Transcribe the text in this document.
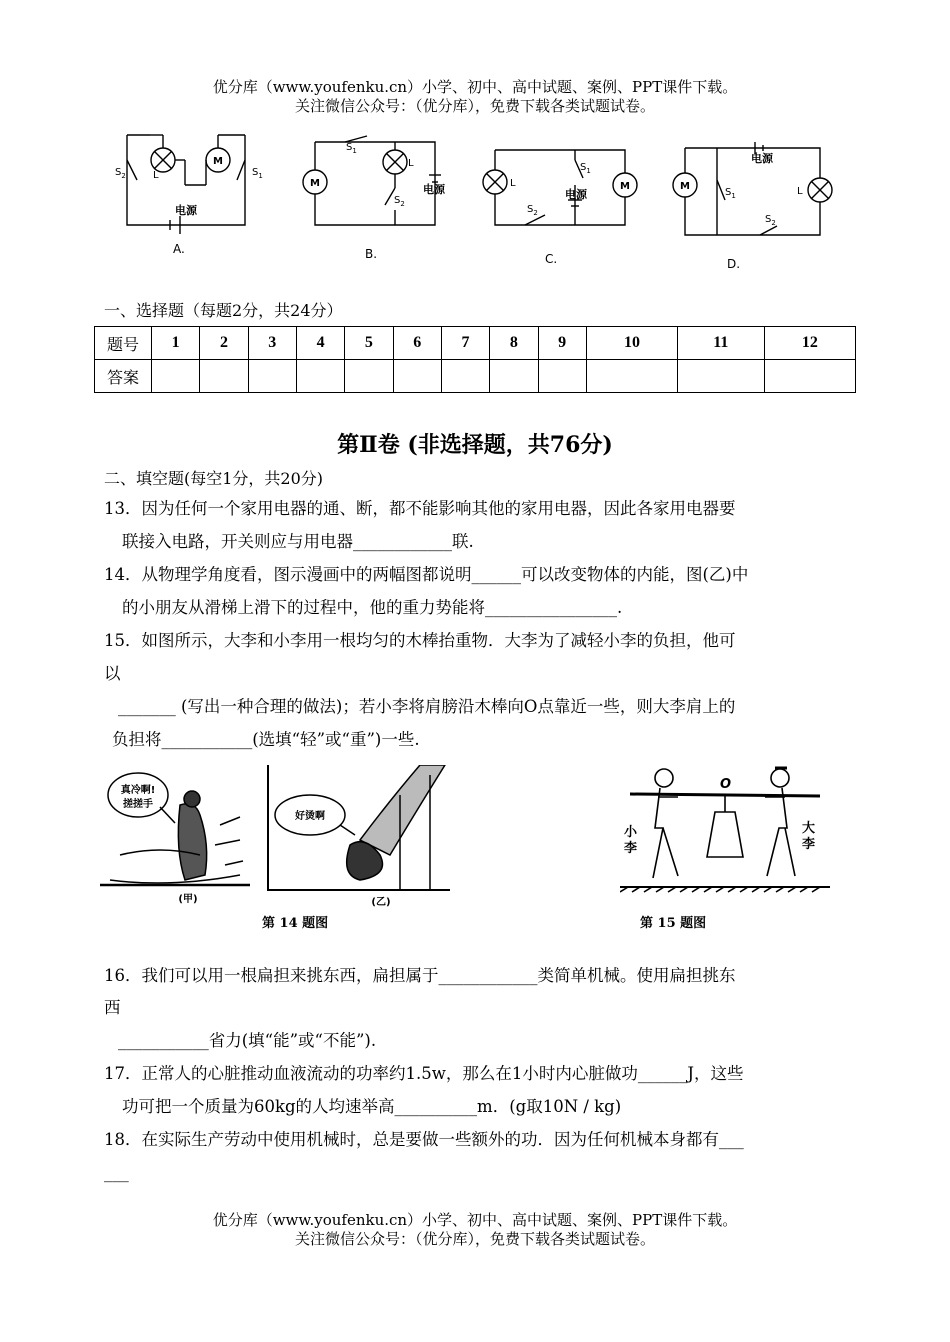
优分库（www.youfenku.cn）小学、初中、高中试题、案例、PPT课件下载。
关注微信公众号：（优分库），免费下载各类试题试卷。
L
$S_2$	$S_1$
电源
A.
$S_1$
L
$S_2$
电源
B.
L
$S_1$
电源
$S_2$
C.
$S_1$
电源
L
$S_2$
D.
M
M	M	M
一、选择题（每题2分，共24分）
题号	1	2	3	4	5	6	7	8	9	10	11	12
答案												
第Ⅱ卷 (非选择题，共76分)
二、填空题(每空1分，共20分)
13．因为任何一个家用电器的通、断，都不能影响其他的家用电器，因此各家用电器要
联接入电路，开关则应与用电器____________联.
14．从物理学角度看，图示漫画中的两幅图都说明______可以改变物体的内能，图(乙)中
的小朋友从滑梯上滑下的过程中，他的重力势能将________________.
15．如图所示，大李和小李用一根均匀的木棒抬重物．大李为了减轻小李的负担，他可
以
_______ (写出一种合理的做法)；若小李将肩膀沿木棒向O点靠近一些，则大李肩上的
负担将___________(选填“轻”或“重”)一些.
真冷啊!
搓搓手
好烫啊
(甲)	(乙)
第 14 题图
O
小
李
大
李
第 15 题图
16．我们可以用一根扁担来挑东西，扁担属于____________类简单机械。使用扁担挑东
西
___________省力(填“能”或“不能”).
17．正常人的心脏推动血液流动的功率约1.5w，那么在1小时内心脏做功______J，这些
功可把一个质量为60kg的人均速举高__________m．(g取10N / kg)
18．在实际生产劳动中使用机械时，总是要做一些额外的功．因为任何机械本身都有___
___
优分库（www.youfenku.cn）小学、初中、高中试题、案例、PPT课件下载。
关注微信公众号：（优分库），免费下载各类试题试卷。
